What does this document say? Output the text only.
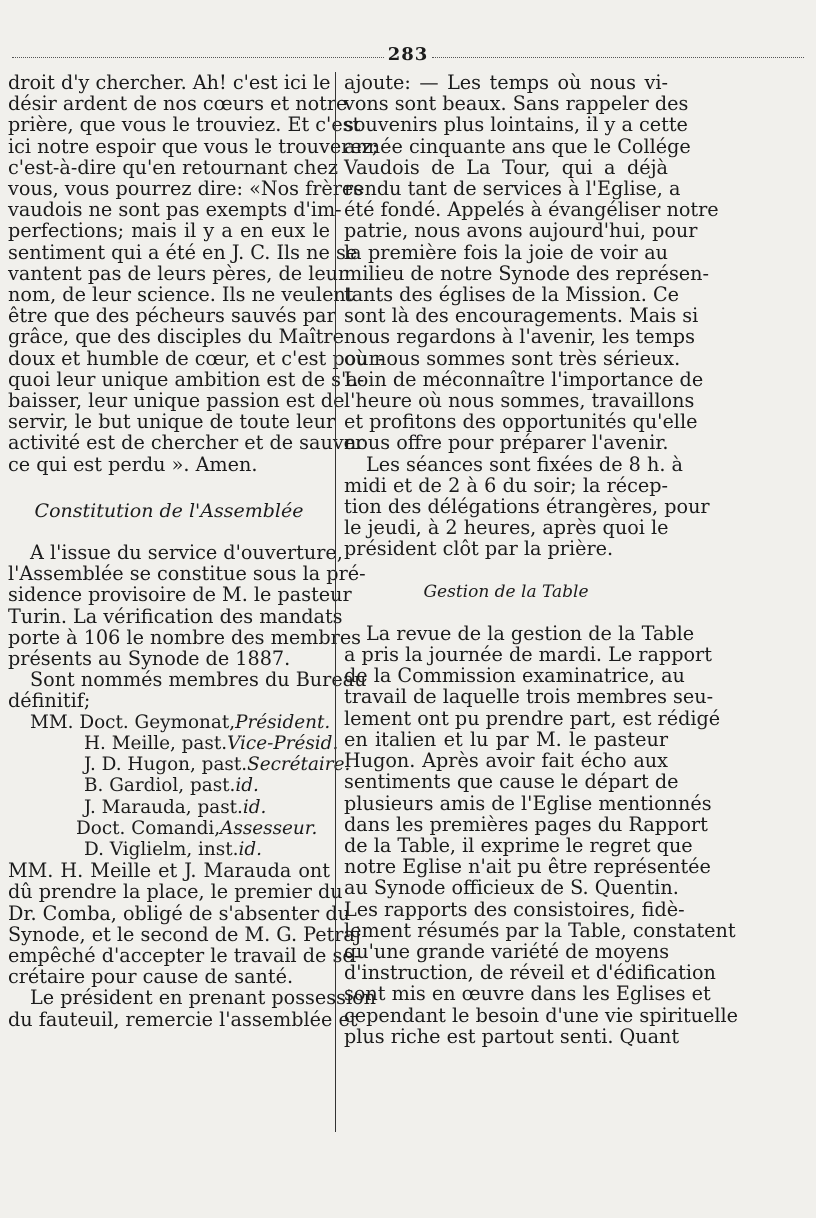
283

droit d'y chercher. Ah! c'est ici le
désir ardent de nos cœurs et notre
prière, que vous le trouviez. Et c'est
ici notre espoir que vous le trouverez;
c'est-à-dire qu'en retournant chez
vous, vous pourrez dire: «Nos frères
vaudois ne sont pas exempts d'im-
perfections; mais il y a en eux le
sentiment qui a été en J. C. Ils ne se
vantent pas de leurs pères, de leur
nom, de leur science. Ils ne veulent
être que des pécheurs sauvés par
grâce, que des disciples du Maître
doux et humble de cœur, et c'est pour-
quoi leur unique ambition est de s'a-
baisser, leur unique passion est de
servir, le but unique de toute leur
activité est de chercher et de sauver
ce qui est perdu ». Amen.

Constitution de l'Assemblée

A l'issue du service d'ouverture,
l'Assemblée se constitue sous la pré-
sidence provisoire de M. le pasteur
Turin. La vérification des mandats
porte à 106 le nombre des membres
présents au Synode de 1887.

Sont nommés membres du Bureau
définitif;

MM. Doct. Geymonat, Président.
H. Meille, past. Vice-Présid.
J. D. Hugon, past. Secrétaire.
B. Gardiol, past. id.
J. Marauda, past. id.
Doct. Comandi, Assesseur.
D. Viglielm, inst. id.

MM. H. Meille et J. Marauda ont
dû prendre la place, le premier du
Dr. Comba, obligé de s'absenter du
Synode, et le second de M. G. Petraj
empêché d'accepter le travail de se-
crétaire pour cause de santé.

Le président en prenant possession
du fauteuil, remercie l'assemblée et

ajoute: — Les temps où nous vi-
vons sont beaux. Sans rappeler des
souvenirs plus lointains, il y a cette
année cinquante ans que le Collége
Vaudois de La Tour, qui a déjà
rendu tant de services à l'Eglise, a
été fondé. Appelés à évangéliser notre
patrie, nous avons aujourd'hui, pour
la première fois la joie de voir au
milieu de notre Synode des représen-
tants des églises de la Mission. Ce
sont là des encouragements. Mais si
nous regardons à l'avenir, les temps
où nous sommes sont très sérieux.
Loin de méconnaître l'importance de
l'heure où nous sommes, travaillons
et profitons des opportunités qu'elle
nous offre pour préparer l'avenir.

Les séances sont fixées de 8 h. à
midi et de 2 à 6 du soir; la récep-
tion des délégations étrangères, pour
le jeudi, à 2 heures, après quoi le
président clôt par la prière.

Gestion de la Table

La revue de la gestion de la Table
a pris la journée de mardi. Le rapport
de la Commission examinatrice, au
travail de laquelle trois membres seu-
lement ont pu prendre part, est rédigé
en italien et lu par M. le pasteur
Hugon. Après avoir fait écho aux
sentiments que cause le départ de
plusieurs amis de l'Eglise mentionnés
dans les premières pages du Rapport
de la Table, il exprime le regret que
notre Eglise n'ait pu être représentée
au Synode officieux de S. Quentin.
Les rapports des consistoires, fidè-
lement résumés par la Table, constatent
qu'une grande variété de moyens
d'instruction, de réveil et d'édification
sont mis en œuvre dans les Eglises et
cependant le besoin d'une vie spirituelle
plus riche est partout senti. Quant
